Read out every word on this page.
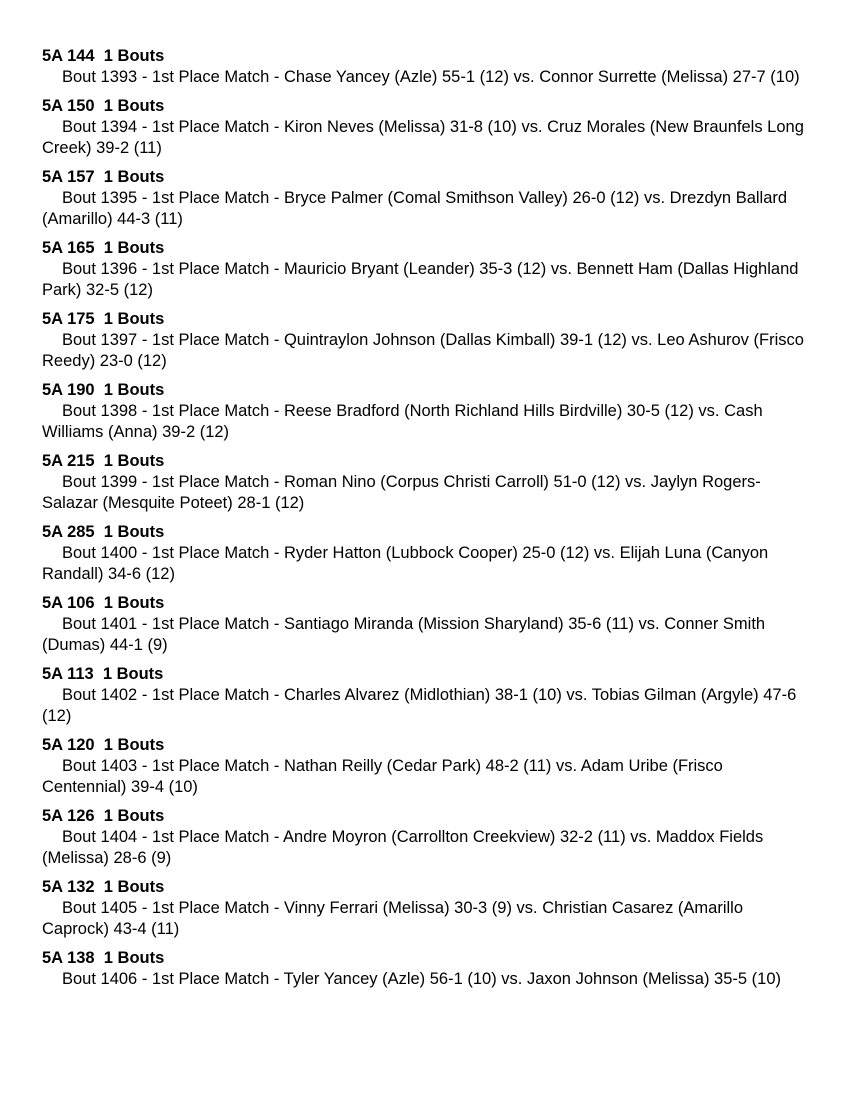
5A 144  1 Bouts
Bout 1393 - 1st Place Match - Chase Yancey (Azle) 55-1 (12) vs. Connor Surrette (Melissa) 27-7 (10)
5A 150  1 Bouts
Bout 1394 - 1st Place Match - Kiron Neves (Melissa) 31-8 (10) vs. Cruz Morales (New Braunfels Long Creek) 39-2 (11)
5A 157  1 Bouts
Bout 1395 - 1st Place Match - Bryce Palmer (Comal Smithson Valley) 26-0 (12) vs. Drezdyn Ballard (Amarillo) 44-3 (11)
5A 165  1 Bouts
Bout 1396 - 1st Place Match - Mauricio Bryant (Leander) 35-3 (12) vs. Bennett Ham (Dallas Highland Park) 32-5 (12)
5A 175  1 Bouts
Bout 1397 - 1st Place Match - Quintraylon Johnson (Dallas Kimball) 39-1 (12) vs. Leo Ashurov (Frisco Reedy) 23-0 (12)
5A 190  1 Bouts
Bout 1398 - 1st Place Match - Reese Bradford (North Richland Hills Birdville) 30-5 (12) vs. Cash Williams (Anna) 39-2 (12)
5A 215  1 Bouts
Bout 1399 - 1st Place Match - Roman Nino (Corpus Christi Carroll) 51-0 (12) vs. Jaylyn Rogers-Salazar (Mesquite Poteet) 28-1 (12)
5A 285  1 Bouts
Bout 1400 - 1st Place Match - Ryder Hatton (Lubbock Cooper) 25-0 (12) vs. Elijah Luna (Canyon Randall) 34-6 (12)
5A 106  1 Bouts
Bout 1401 - 1st Place Match - Santiago Miranda (Mission Sharyland) 35-6 (11) vs. Conner Smith (Dumas) 44-1 (9)
5A 113  1 Bouts
Bout 1402 - 1st Place Match - Charles Alvarez (Midlothian) 38-1 (10) vs. Tobias Gilman (Argyle) 47-6 (12)
5A 120  1 Bouts
Bout 1403 - 1st Place Match - Nathan Reilly (Cedar Park) 48-2 (11) vs. Adam Uribe (Frisco Centennial) 39-4 (10)
5A 126  1 Bouts
Bout 1404 - 1st Place Match - Andre Moyron (Carrollton Creekview) 32-2 (11) vs. Maddox Fields (Melissa) 28-6 (9)
5A 132  1 Bouts
Bout 1405 - 1st Place Match - Vinny Ferrari (Melissa) 30-3 (9) vs. Christian Casarez (Amarillo Caprock) 43-4 (11)
5A 138  1 Bouts
Bout 1406 - 1st Place Match - Tyler Yancey (Azle) 56-1 (10) vs. Jaxon Johnson (Melissa) 35-5 (10)
